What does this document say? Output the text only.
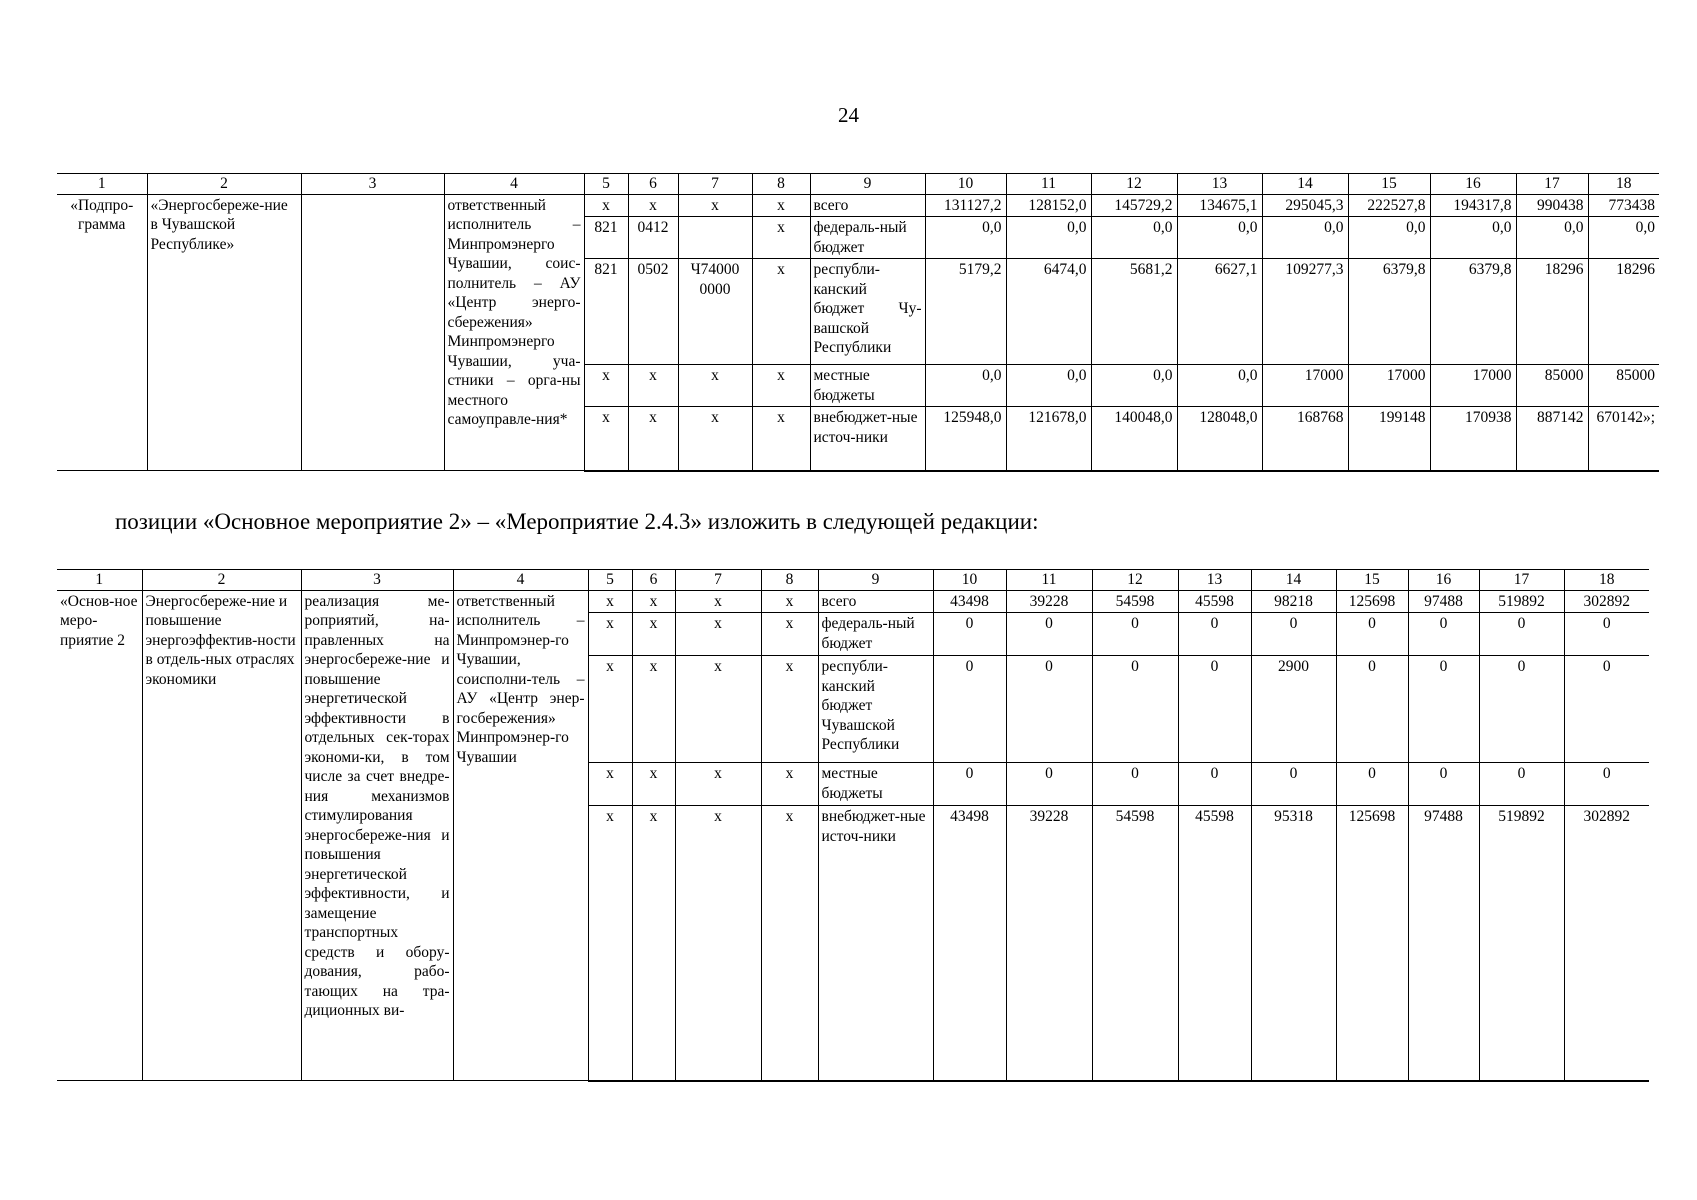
24
1	2	3	4	5	6	7	8	9	10	11	12	13	14	15	16	17	18
«Подпро-грамма	«Энергосбереже-ние в Чувашской Республике»		ответственный исполнитель – Минпромэнерго Чувашии, соис-полнитель – АУ «Центр энерго-сбережения» Минпромэнерго Чувашии, уча-стники – орга-ны местного самоуправле-ния*	x	x	x	x	всего	131127,2	128152,0	145729,2	134675,1	295045,3	222527,8	194317,8	990438	773438
				821	0412		x	федераль-ный бюджет	0,0	0,0	0,0	0,0	0,0	0,0	0,0	0,0	0,0
				821	0502	Ч74000 0000	x	республи-канский бюджет Чу-вашской Республики	5179,2	6474,0	5681,2	6627,1	109277,3	6379,8	6379,8	18296	18296
				x	x	x	x	местные бюджеты	0,0	0,0	0,0	0,0	17000	17000	17000	85000	85000
				x	x	x	x	внебюджет-ные источ-ники	125948,0	121678,0	140048,0	128048,0	168768	199148	170938	887142	670142»;
позиции «Основное мероприятие 2» – «Мероприятие 2.4.3» изложить в следующей редакции:
1	2	3	4	5	6	7	8	9	10	11	12	13	14	15	16	17	18
«Основ-ное меро-приятие 2	Энергосбереже-ние и повышение энергоэффектив-ности в отдель-ных отраслях экономики	реализация ме-роприятий, на-правленных на энергосбереже-ние и повышение энергетической эффективности в отдельных сек-торах экономи-ки, в том числе за счет внедре-ния механизмов стимулирования энергосбереже-ния и повышения энергетической эффективности, и замещение транспортных средств и обору-дования, рабо-тающих на тра-диционных ви-	ответственный исполнитель – Минпромэнер-го Чувашии, соисполни-тель – АУ «Центр энер-госбережения» Минпромэнер-го Чувашии	x	x	x	x	всего	43498	39228	54598	45598	98218	125698	97488	519892	302892
				x	x	x	x	федераль-ный бюджет	0	0	0	0	0	0	0	0	0
				x	x	x	x	республи-канский бюджет Чувашской Республики	0	0	0	0	2900	0	0	0	0
				x	x	x	x	местные бюджеты	0	0	0	0	0	0	0	0	0
				x	x	x	x	внебюджет-ные источ-ники	43498	39228	54598	45598	95318	125698	97488	519892	302892
